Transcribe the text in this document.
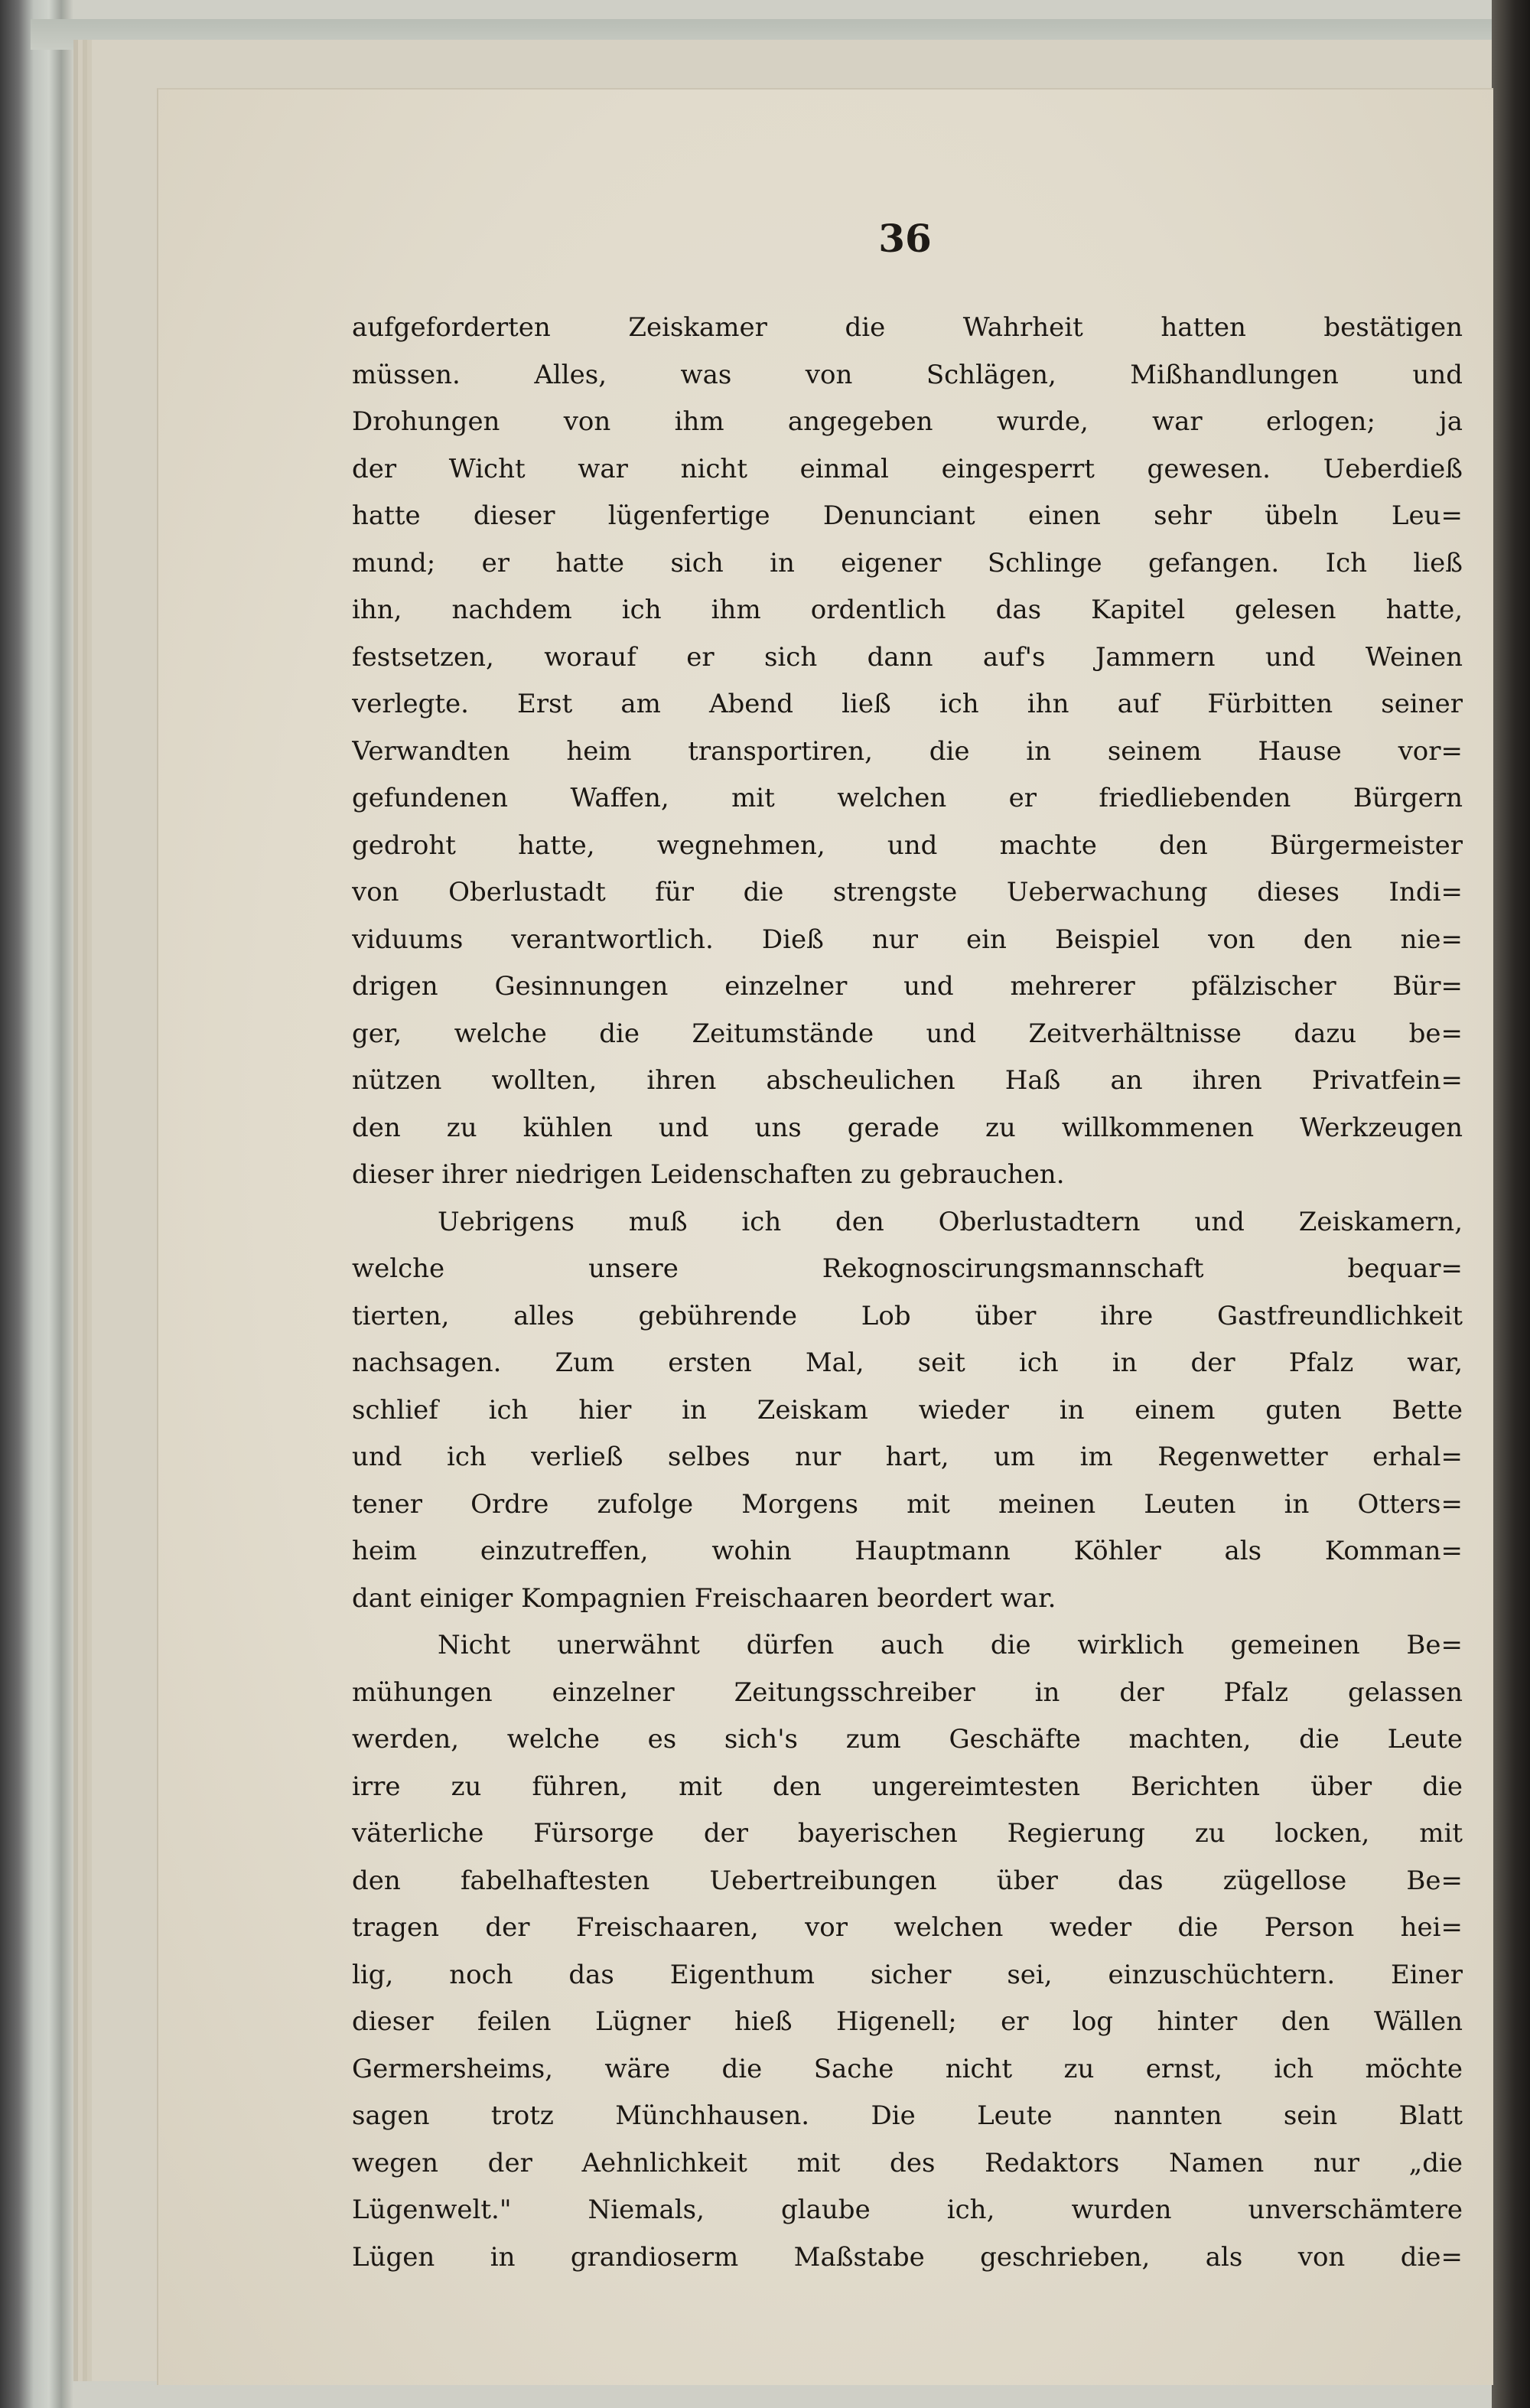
36
aufgeforderten Zeiskamer die Wahrheit hatten bestätigen
müssen. Alles, was von Schlägen, Mißhandlungen und
Drohungen von ihm angegeben wurde, war erlogen; ja
der Wicht war nicht einmal eingesperrt gewesen. Ueberdieß
hatte dieser lügenfertige Denunciant einen sehr übeln Leu=
mund; er hatte sich in eigener Schlinge gefangen. Ich ließ
ihn, nachdem ich ihm ordentlich das Kapitel gelesen hatte,
festsetzen, worauf er sich dann auf's Jammern und Weinen
verlegte. Erst am Abend ließ ich ihn auf Fürbitten seiner
Verwandten heim transportiren, die in seinem Hause vor=
gefundenen Waffen, mit welchen er friedliebenden Bürgern
gedroht hatte, wegnehmen, und machte den Bürgermeister
von Oberlustadt für die strengste Ueberwachung dieses Indi=
viduums verantwortlich. Dieß nur ein Beispiel von den nie=
drigen Gesinnungen einzelner und mehrerer pfälzischer Bür=
ger, welche die Zeitumstände und Zeitverhältnisse dazu be=
nützen wollten, ihren abscheulichen Haß an ihren Privatfein=
den zu kühlen und uns gerade zu willkommenen Werkzeugen
dieser ihrer niedrigen Leidenschaften zu gebrauchen.
Uebrigens muß ich den Oberlustadtern und Zeiskamern,
welche unsere Rekognoscirungsmannschaft bequar=
tierten, alles gebührende Lob über ihre Gastfreundlichkeit
nachsagen. Zum ersten Mal, seit ich in der Pfalz war,
schlief ich hier in Zeiskam wieder in einem guten Bette
und ich verließ selbes nur hart, um im Regenwetter erhal=
tener Ordre zufolge Morgens mit meinen Leuten in Otters=
heim einzutreffen, wohin Hauptmann Köhler als Komman=
dant einiger Kompagnien Freischaaren beordert war.
Nicht unerwähnt dürfen auch die wirklich gemeinen Be=
mühungen einzelner Zeitungsschreiber in der Pfalz gelassen
werden, welche es sich's zum Geschäfte machten, die Leute
irre zu führen, mit den ungereimtesten Berichten über die
väterliche Fürsorge der bayerischen Regierung zu locken, mit
den fabelhaftesten Uebertreibungen über das zügellose Be=
tragen der Freischaaren, vor welchen weder die Person hei=
lig, noch das Eigenthum sicher sei, einzuschüchtern. Einer
dieser feilen Lügner hieß Higenell; er log hinter den Wällen
Germersheims, wäre die Sache nicht zu ernst, ich möchte
sagen trotz Münchhausen. Die Leute nannten sein Blatt
wegen der Aehnlichkeit mit des Redaktors Namen nur „die
Lügenwelt." Niemals, glaube ich, wurden unverschämtere
Lügen in grandioserm Maßstabe geschrieben, als von die=
